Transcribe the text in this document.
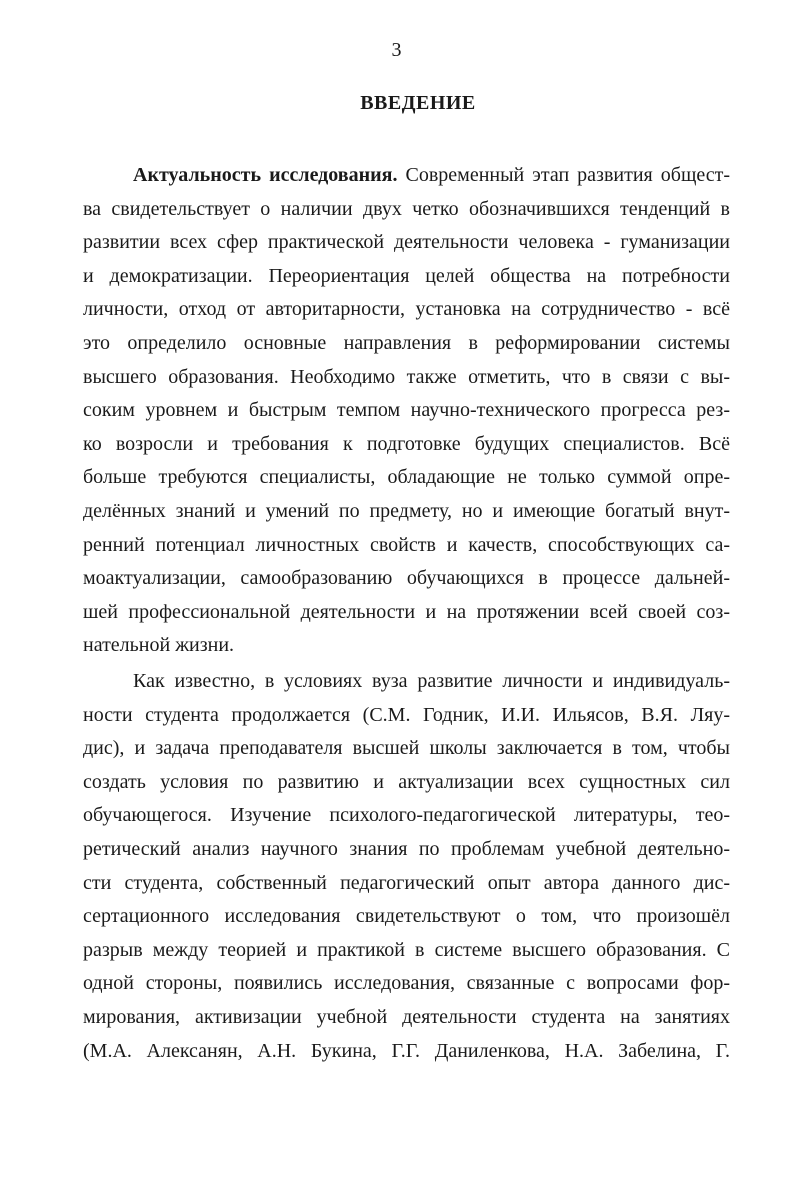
3
ВВЕДЕНИЕ
Актуальность исследования. Современный этап развития общест-
ва свидетельствует о наличии двух четко обозначившихся тенденций в
развитии всех сфер практической деятельности человека - гуманизации
и демократизации. Переориентация целей общества на потребности
личности, отход от авторитарности, установка на сотрудничество - всё
это определило основные направления в реформировании системы
высшего образования. Необходимо также отметить, что в связи с вы-
соким уровнем и быстрым темпом научно-технического прогресса рез-
ко возросли и требования к подготовке будущих специалистов. Всё
больше требуются специалисты, обладающие не только суммой опре-
делённых знаний и умений по предмету, но и имеющие богатый внут-
ренний потенциал личностных свойств и качеств, способствующих са-
моактуализации, самообразованию обучающихся в процессе дальней-
шей профессиональной деятельности и на протяжении всей своей соз-
нательной жизни.
Как известно, в условиях вуза развитие личности и индивидуаль-
ности студента продолжается (С.М. Годник, И.И. Ильясов, В.Я. Ляу-
дис), и задача преподавателя высшей школы заключается в том, чтобы
создать условия по развитию и актуализации всех сущностных сил
обучающегося. Изучение психолого-педагогической литературы, тео-
ретический анализ научного знания по проблемам учебной деятельно-
сти студента, собственный педагогический опыт автора данного дис-
сертационного исследования свидетельствуют о том, что произошёл
разрыв между теорией и практикой в системе высшего образования. С
одной стороны, появились исследования, связанные с вопросами фор-
мирования, активизации учебной деятельности студента на занятиях
(М.А. Алексанян, А.Н. Букина, Г.Г. Даниленкова, Н.А. Забелина, Г.
